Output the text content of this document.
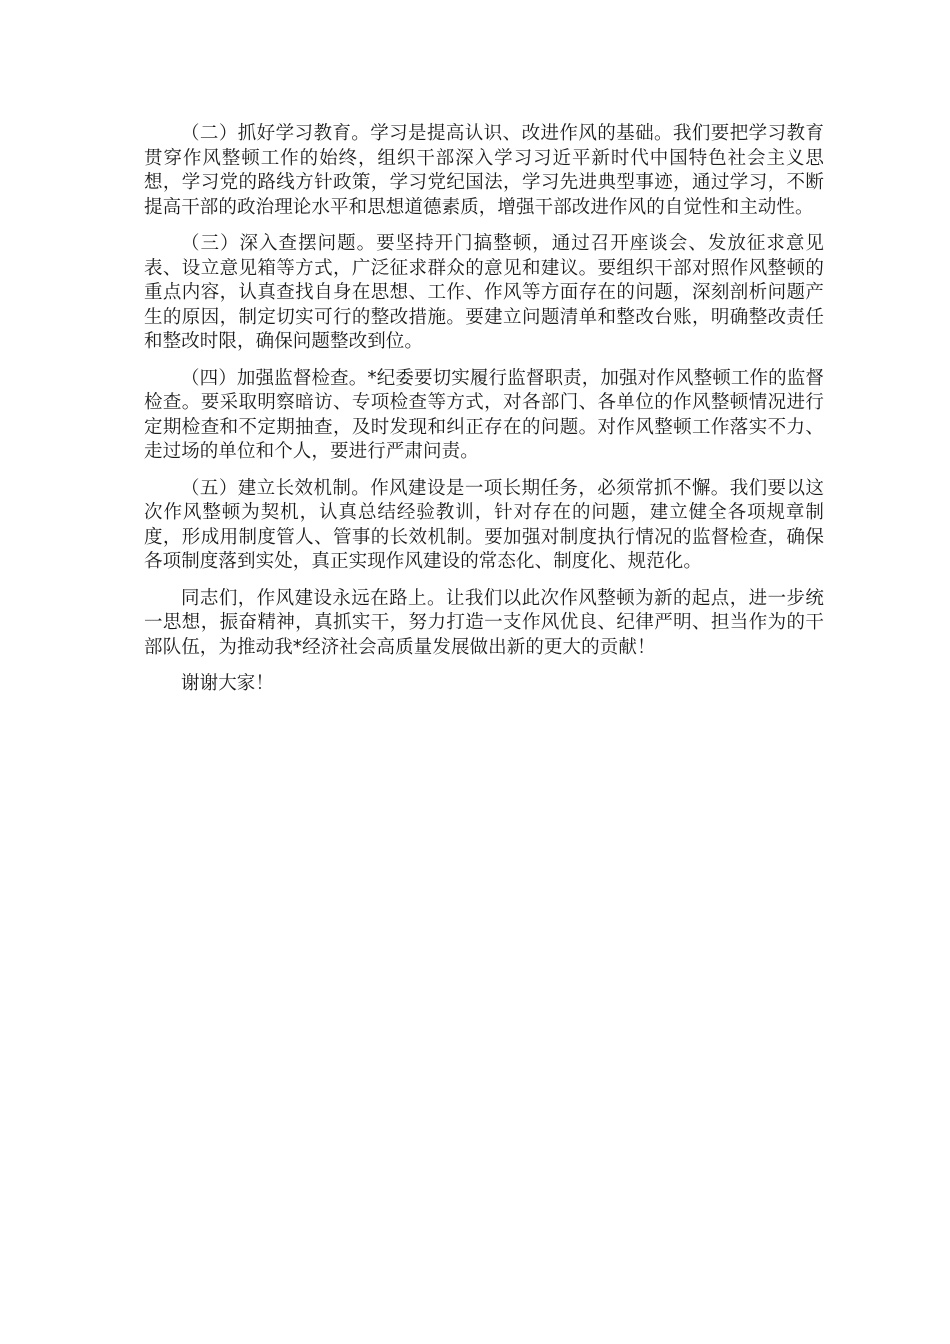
（二）抓好学习教育。学习是提高认识、改进作风的基础。我们要把学习教育贯穿作风整顿工作的始终，组织干部深入学习习近平新时代中国特色社会主义思想，学习党的路线方针政策，学习党纪国法，学习先进典型事迹，通过学习，不断提高干部的政治理论水平和思想道德素质，增强干部改进作风的自觉性和主动性。

（三）深入查摆问题。要坚持开门搞整顿，通过召开座谈会、发放征求意见表、设立意见箱等方式，广泛征求群众的意见和建议。要组织干部对照作风整顿的重点内容，认真查找自身在思想、工作、作风等方面存在的问题，深刻剖析问题产生的原因，制定切实可行的整改措施。要建立问题清单和整改台账，明确整改责任和整改时限，确保问题整改到位。

（四）加强监督检查。*纪委要切实履行监督职责，加强对作风整顿工作的监督检查。要采取明察暗访、专项检查等方式，对各部门、各单位的作风整顿情况进行定期检查和不定期抽查，及时发现和纠正存在的问题。对作风整顿工作落实不力、走过场的单位和个人，要进行严肃问责。

（五）建立长效机制。作风建设是一项长期任务，必须常抓不懈。我们要以这次作风整顿为契机，认真总结经验教训，针对存在的问题，建立健全各项规章制度，形成用制度管人、管事的长效机制。要加强对制度执行情况的监督检查，确保各项制度落到实处，真正实现作风建设的常态化、制度化、规范化。

同志们，作风建设永远在路上。让我们以此次作风整顿为新的起点，进一步统一思想，振奋精神，真抓实干，努力打造一支作风优良、纪律严明、担当作为的干部队伍，为推动我*经济社会高质量发展做出新的更大的贡献！

谢谢大家！
